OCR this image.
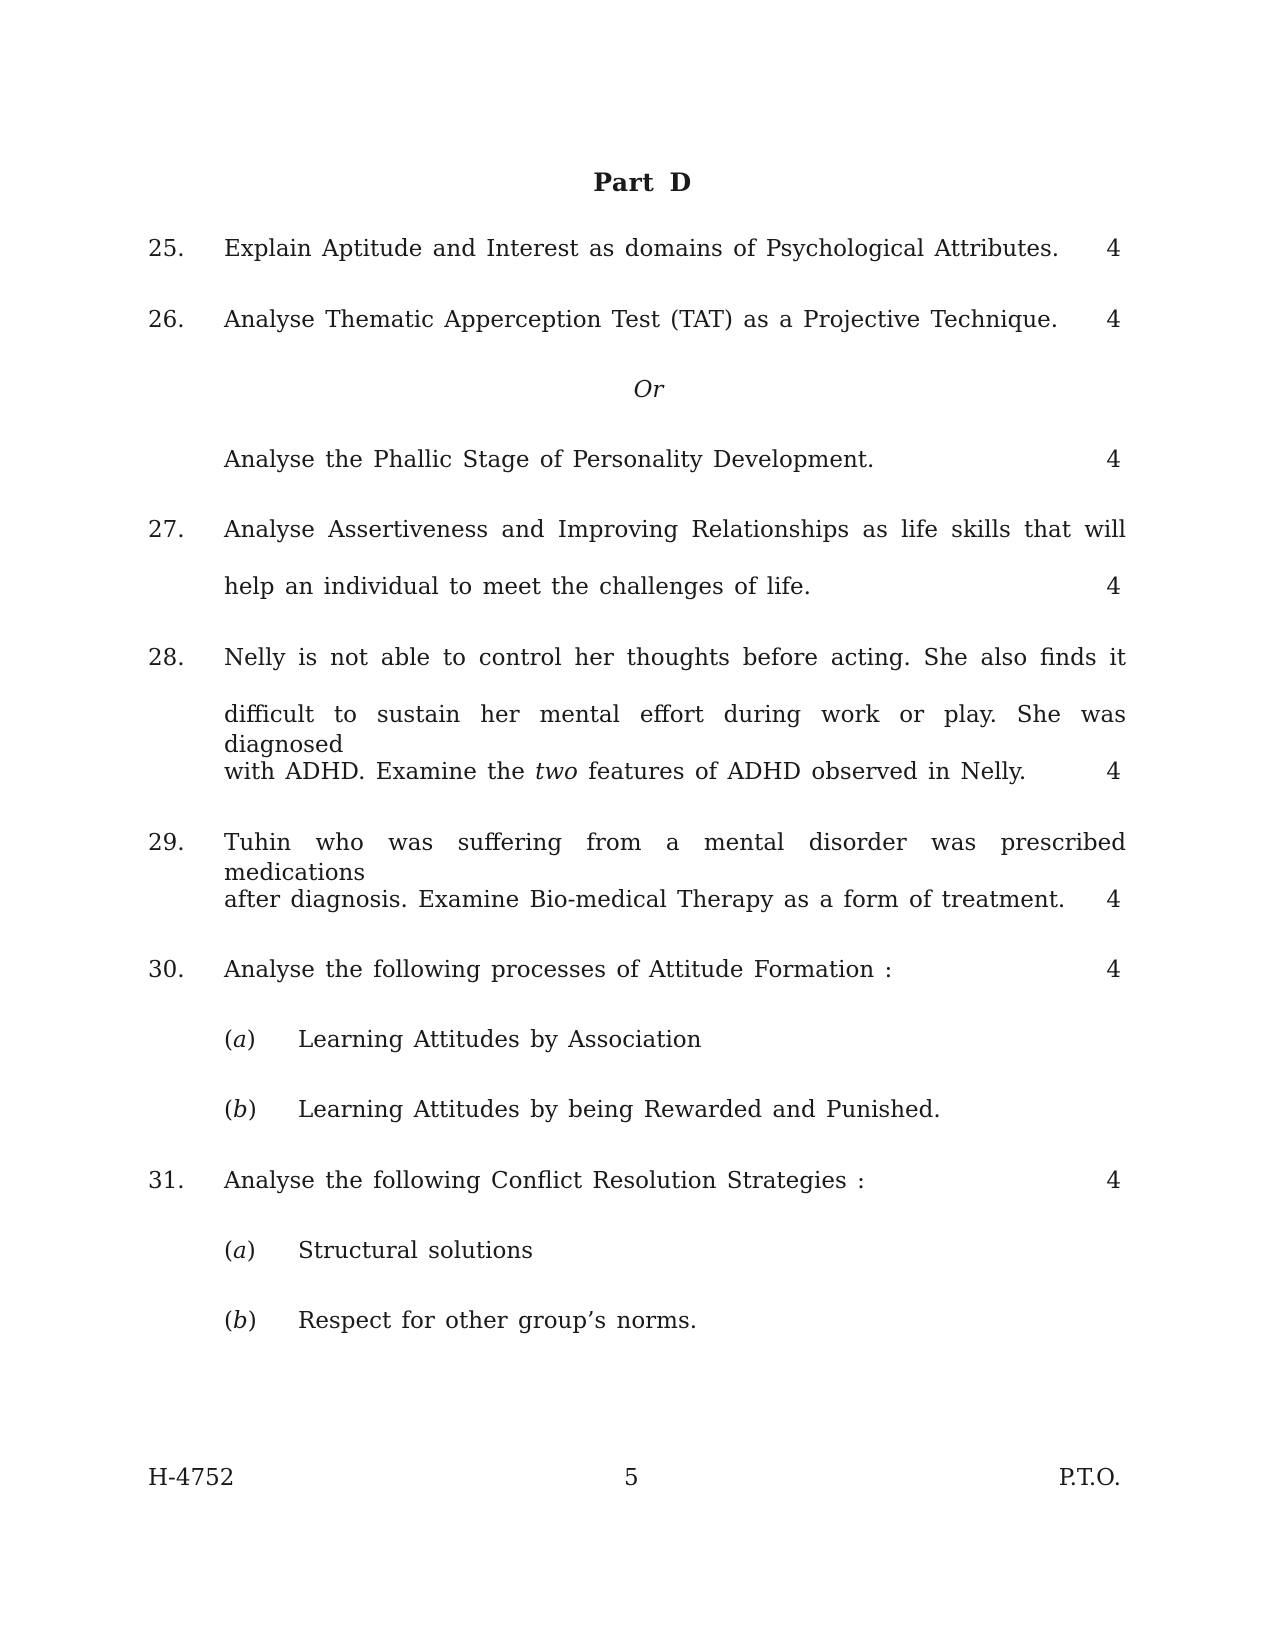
Part D
25. Explain Aptitude and Interest as domains of Psychological Attributes.	4
26. Analyse Thematic Apperception Test (TAT) as a Projective Technique.	4
Or
Analyse the Phallic Stage of Personality Development.	4
27. Analyse Assertiveness and Improving Relationships as life skills that will
help an individual to meet the challenges of life.	4
28. Nelly is not able to control her thoughts before acting. She also finds it
difficult to sustain her mental effort during work or play. She was diagnosed
with ADHD. Examine the two features of ADHD observed in Nelly.	4
29. Tuhin who was suffering from a mental disorder was prescribed medications
after diagnosis. Examine Bio-medical Therapy as a form of treatment.	4
30. Analyse the following processes of Attitude Formation :	4
(a) Learning Attitudes by Association
(b) Learning Attitudes by being Rewarded and Punished.
31. Analyse the following Conflict Resolution Strategies :	4
(a) Structural solutions
(b) Respect for other group’s norms.
H-4752	5	P.T.O.
